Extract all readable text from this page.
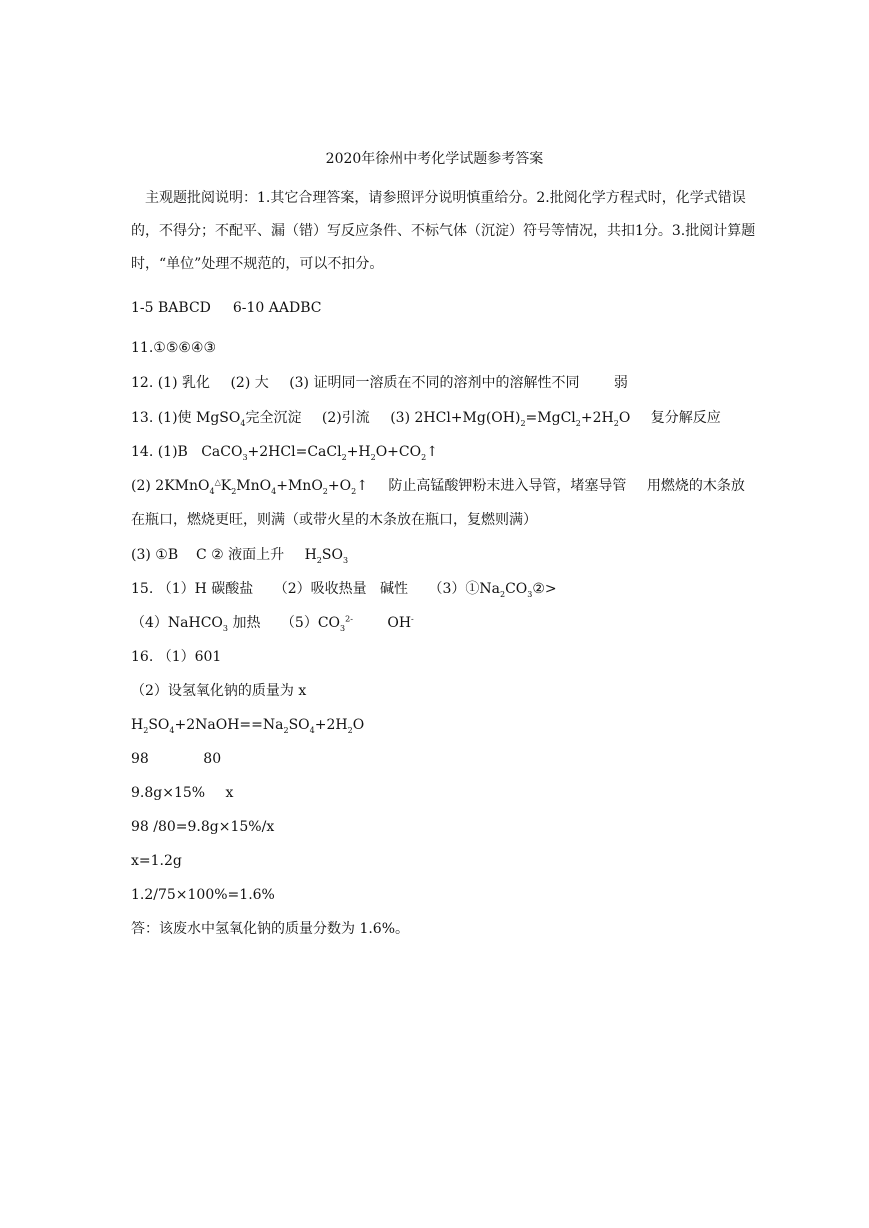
2020年徐州中考化学试题参考答案
主观题批阅说明：1.其它合理答案，请参照评分说明慎重给分。2.批阅化学方程式时，化学式错误的，不得分；不配平、漏（错）写反应条件、不标气体（沉淀）符号等情况，共扣1分。3.批阅计算题时，“单位”处理不规范的，可以不扣分。
1-5 BABCD 6-10 AADBC
11.①⑤⑥④③
12. (1) 乳化 (2) 大 (3) 证明同一溶质在不同的溶剂中的溶解性不同 弱
13. (1)使 MgSO$_4$完全沉淀 (2)引流 (3) $2HCl+Mg(OH)_2=MgCl_2+2H_2O$ 复分解反应
14. (1)B $CaCO_3+2HCl=CaCl_2+H_2O+CO_2↑$
(2) $2KMnO_4^\triangle K_2MnO_4+MnO_2+O_2↑$ 防止高锰酸钾粉末进入导管，堵塞导管 用燃烧的木条放
在瓶口，燃烧更旺，则满（或带火星的木条放在瓶口，复燃则满）
(3) ①B C ② 液面上升 $H_2SO_3$
15. （1）H 碳酸盐 （2）吸收热量 碱性 $(3)①Na_2CO_3②>$
（4）NaHCO$_3$ 加热 $(5)CO_3^{2-}$ OH-
16. （1）601
（2）设氢氧化钠的质量为 x
$H_2SO_4+2NaOH==Na_2SO_4+2H_2O$
98	80
9.8g×15% x
98 /80=9.8g×15%/x
x=1.2g
1.2/75×100%=1.6%
答：该废水中氢氧化钠的质量分数为 1.6%。
